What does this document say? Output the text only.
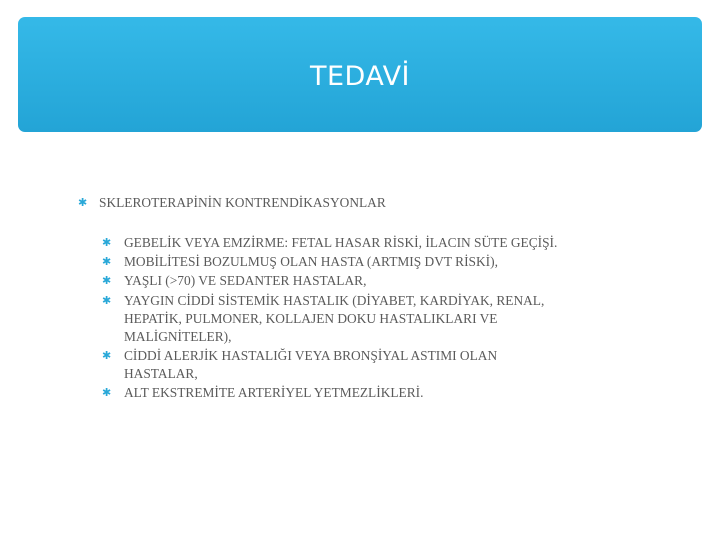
TEDAVİ
✱ SKLEROTERAPİNİN KONTRENDİKASYONLAR
✱ GEBELİK VEYA EMZİRME: FETAL HASAR RİSKİ, İLACIN SÜTE GEÇİŞİ.
✱ MOBİLİTESİ BOZULMUŞ OLAN HASTA (ARTMIŞ DVT RİSKİ),
✱ YAŞLI (>70) VE SEDANTER HASTALAR,
✱ YAYGIN CİDDİ SİSTEMİK HASTALIK (DİYABET, KARDİYAK, RENAL,
HEPATİK, PULMONER, KOLLAJEN DOKU HASTALIKLARI VE
MALİGNİTELER),
✱ CİDDİ ALERJİK HASTALIĞI VEYA BRONŞİYAL ASTIMI OLAN
HASTALAR,
✱ ALT EKSTREMİTE ARTERİYEL YETMEZLİKLERİ.
